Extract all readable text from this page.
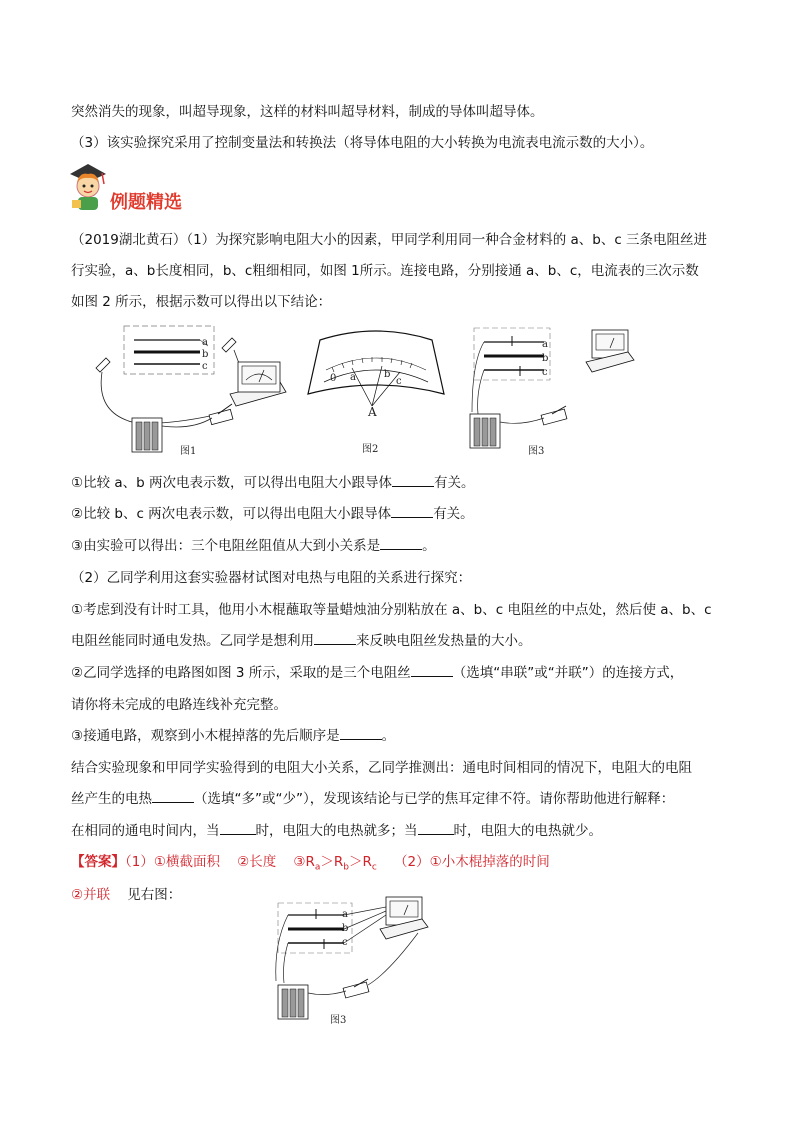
突然消失的现象，叫超导现象，这样的材料叫超导材料，制成的导体叫超导体。
（3）该实验探究采用了控制变量法和转换法（将导体电阻的大小转换为电流表电流示数的大小）。
例题精选
（2019湖北黄石）（1）为探究影响电阻大小的因素，甲同学利用同一种合金材料的 a、b、c 三条电阻丝进
行实验，a、b长度相同，b、c粗细相同，如图 1所示。连接电路，分别接通 a、b、c，电流表的三次示数
如图 2 所示，根据示数可以得出以下结论：
a
b
c
图1
0 a	b
c
A
图2
a
b
c
图3
①比较 a、b 两次电表示数，可以得出电阻大小跟导体	有关。
②比较 b、c 两次电表示数，可以得出电阻大小跟导体	有关。
③由实验可以得出：三个电阻丝阻值从大到小关系是	。
（2）乙同学利用这套实验器材试图对电热与电阻的关系进行探究：
①考虑到没有计时工具，他用小木棍蘸取等量蜡烛油分别粘放在 a、b、c 电阻丝的中点处，然后使 a、b、c
电阻丝能同时通电发热。乙同学是想利用	来反映电阻丝发热量的大小。
②乙同学选择的电路图如图 3 所示，采取的是三个电阻丝	（选填“串联”或“并联”）的连接方式，
请你将未完成的电路连线补充完整。
③接通电路，观察到小木棍掉落的先后顺序是	。
结合实验现象和甲同学实验得到的电阻大小关系，乙同学推测出：通电时间相同的情况下，电阻大的电阻
丝产生的电热	（选填“多”或“少”），发现该结论与已学的焦耳定律不符。请你帮助他进行解释：
在相同的通电时间内，当	时，电阻大的电热就多；当	时，电阻大的电热就少。
【答案】（1）①横截面积 ②长度 $③R_a>R_b>R_c$ （2）①小木棍掉落的时间
②并联 见右图：
a
b
c
图3
